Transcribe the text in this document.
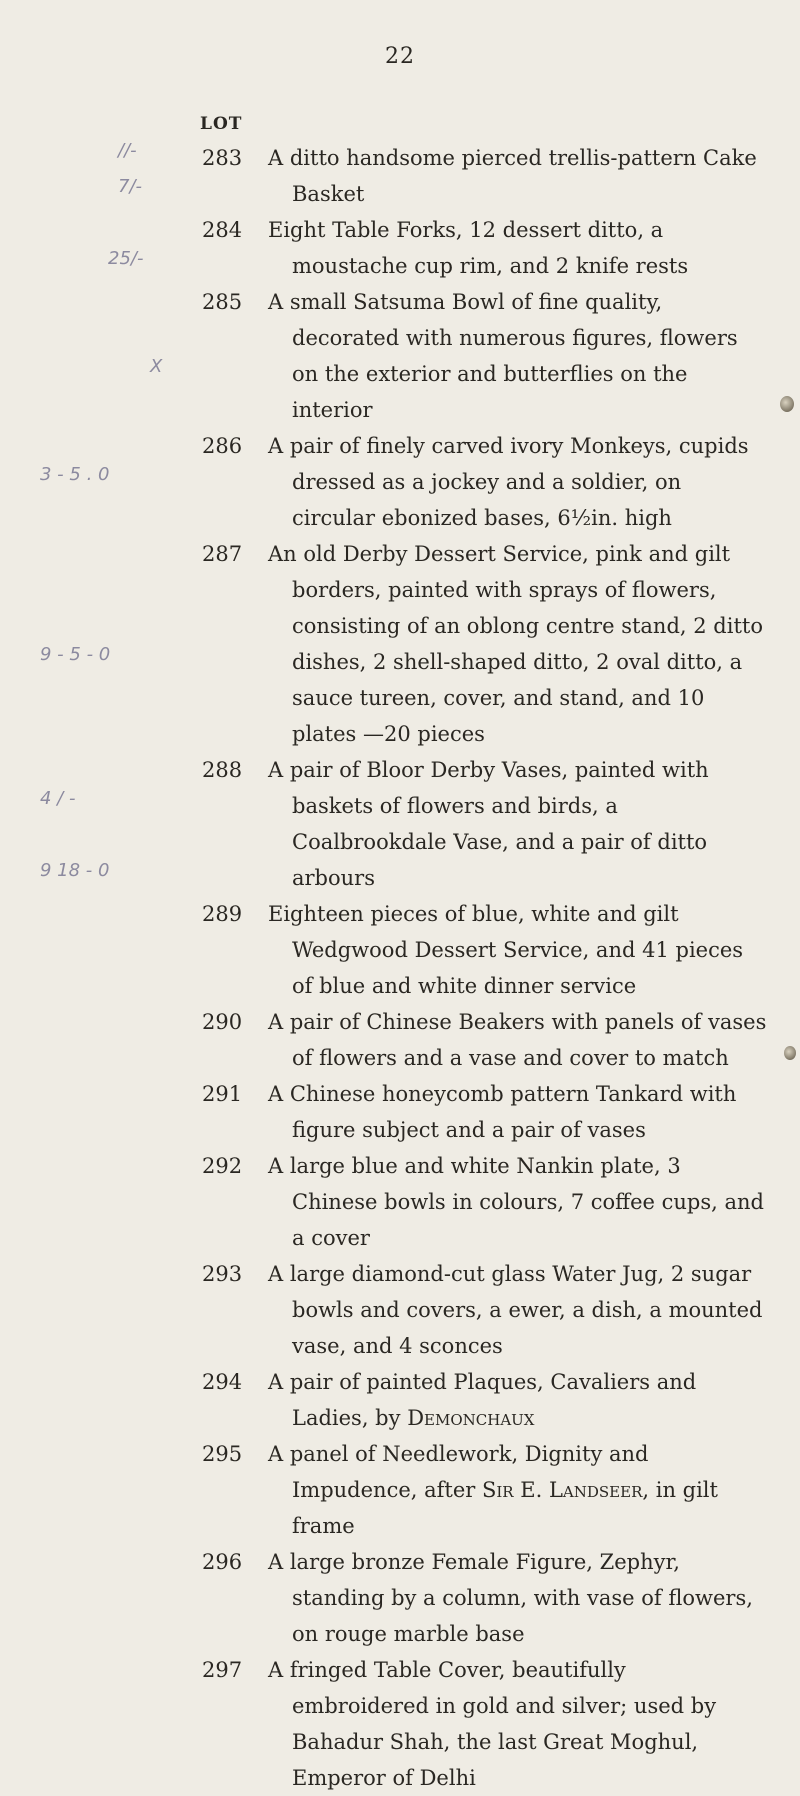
22
LOT
283 A ditto handsome pierced trellis-pattern Cake Basket
284 Eight Table Forks, 12 dessert ditto, a moustache cup rim, and 2 knife rests
285 A small Satsuma Bowl of fine quality, decorated with numerous figures, flowers on the exterior and butterflies on the interior
286 A pair of finely carved ivory Monkeys, cupids dressed as a jockey and a soldier, on circular ebonized bases, 6½in. high
287 An old Derby Dessert Service, pink and gilt borders, painted with sprays of flowers, consisting of an oblong centre stand, 2 ditto dishes, 2 shell-shaped ditto, 2 oval ditto, a sauce tureen, cover, and stand, and 10 plates —20 pieces
288 A pair of Bloor Derby Vases, painted with baskets of flowers and birds, a Coalbrookdale Vase, and a pair of ditto arbours
289 Eighteen pieces of blue, white and gilt Wedgwood Dessert Service, and 41 pieces of blue and white dinner service
290 A pair of Chinese Beakers with panels of vases of flowers and a vase and cover to match
291 A Chinese honeycomb pattern Tankard with figure subject and a pair of vases
292 A large blue and white Nankin plate, 3 Chinese bowls in colours, 7 coffee cups, and a cover
293 A large diamond-cut glass Water Jug, 2 sugar bowls and covers, a ewer, a dish, a mounted vase, and 4 sconces
294 A pair of painted Plaques, Cavaliers and Ladies, by Demonchaux
295 A panel of Needlework, Dignity and Impudence, after Sir E. Landseer, in gilt frame
296 A large bronze Female Figure, Zephyr, standing by a column, with vase of flowers, on rouge marble base
297 A fringed Table Cover, beautifully embroidered in gold and silver; used by Bahadur Shah, the last Great Moghul, Emperor of Delhi
//-
7/-
25/-
X
3 - 5 . 0
9 - 5 - 0
4 / -
9 18 - 0
